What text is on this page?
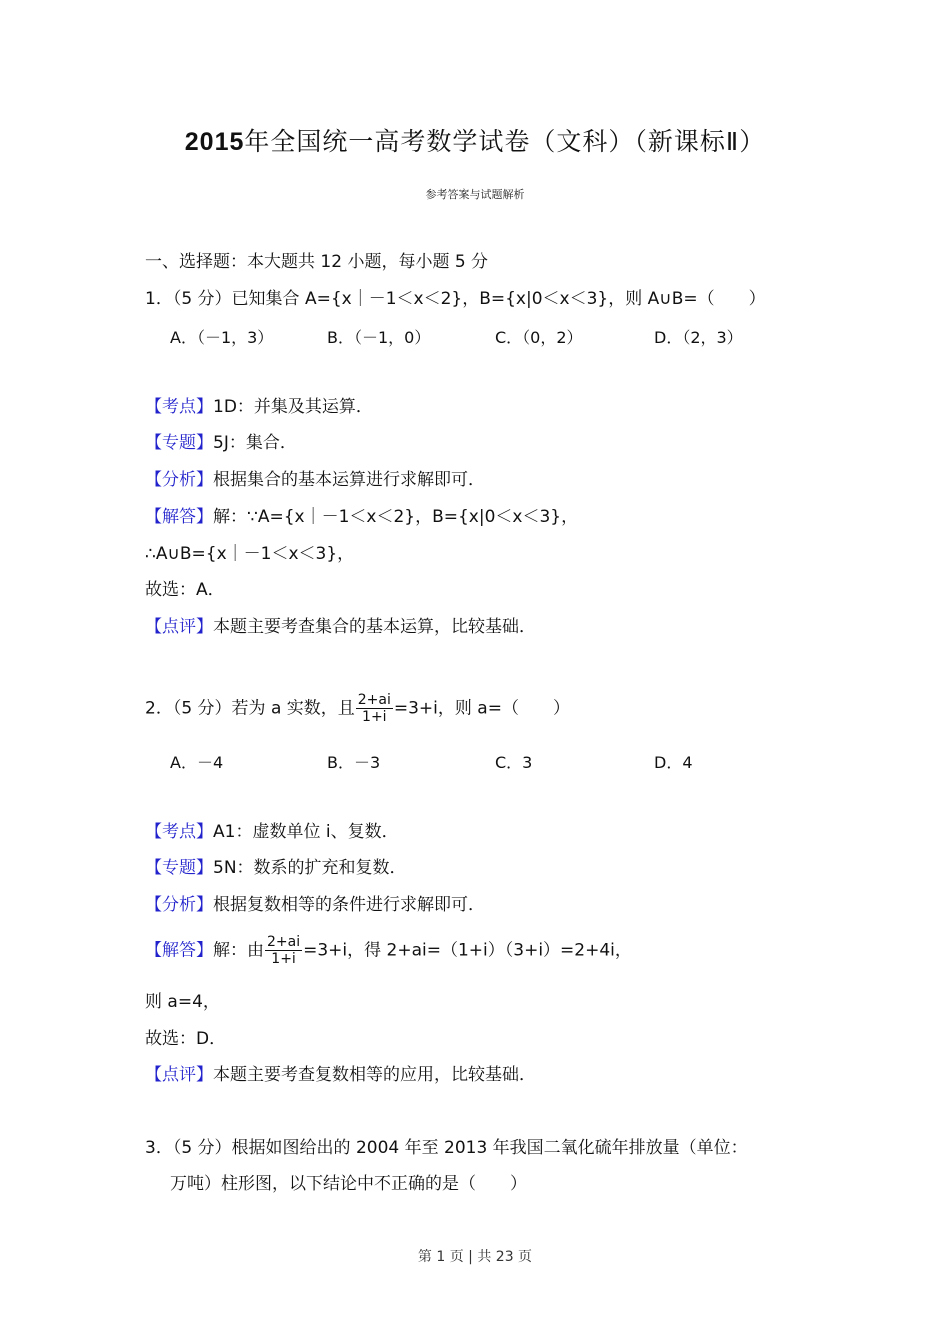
2015年全国统一高考数学试卷（文科）（新课标Ⅱ）
参考答案与试题解析
一、选择题：本大题共 12 小题，每小题 5 分
1．（5 分）已知集合 A={x｜－1＜x＜2}，B={x|0＜x＜3}，则 A∪B=（　　）
A．（－1，3）	B．（－1，0）	C．（0，2）	D．（2，3）
【考点】1D：并集及其运算．
【专题】5J：集合．
【分析】根据集合的基本运算进行求解即可．
【解答】解：∵A={x｜－1＜x＜2}，B={x|0＜x＜3}，
∴A∪B={x｜－1＜x＜3}，
故选：A．
【点评】本题主要考查集合的基本运算，比较基础．
2．（5 分）若为 a 实数，且 $\frac{2+ai}{1+i} =3+i$，则 a=（　　）
A．－4	B．－3	C．3	D．4
【考点】A1：虚数单位 i、复数．
【专题】5N：数系的扩充和复数．
【分析】根据复数相等的条件进行求解即可．
【解答】解：由 $\frac{2+ai}{1+i} =3+i$，得 2+ai=（1+i）（3+i）=2+4i，
则 a=4，
故选：D．
【点评】本题主要考查复数相等的应用，比较基础．
3．（5 分）根据如图给出的 2004 年至 2013 年我国二氧化硫年排放量（单位：
万吨）柱形图，以下结论中不正确的是（　　）
第 1 页 | 共 23 页
